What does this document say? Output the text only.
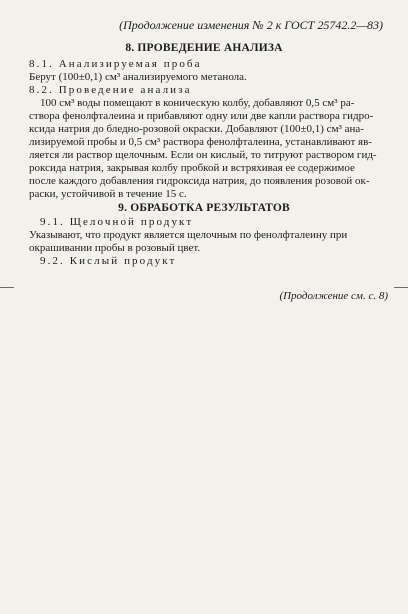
(Продолжение изменения № 2 к ГОСТ 25742.2—83)
8. ПРОВЕДЕНИЕ АНАЛИЗА
8.1. Анализируемая проба
Берут (100±0,1) см³ анализируемого метанола.
8.2. Проведение анализа
100 см³ воды помещают в коническую колбу, добавляют 0,5 см³ ра-
створа фенолфталеина и прибавляют одну или две капли раствора гидро-
ксида натрия до бледно-розовой окраски. Добавляют (100±0,1) см³ ана-
лизируемой пробы и 0,5 см³ раствора фенолфталеина, устанавливают яв-
ляется ли раствор щелочным. Если он кислый, то титруют раствором гид-
роксида натрия, закрывая колбу пробкой и встряхивая ее содержимое
после каждого добавления гидроксида натрия, до появления розовой ок-
раски, устойчивой в течение 15 с.
9. ОБРАБОТКА РЕЗУЛЬТАТОВ
9.1. Щелочной продукт
Указывают, что продукт является щелочным по фенолфталеину при
окрашивании пробы в розовый цвет.
9.2. Кислый продукт
(Продолжение см. с. 8)
